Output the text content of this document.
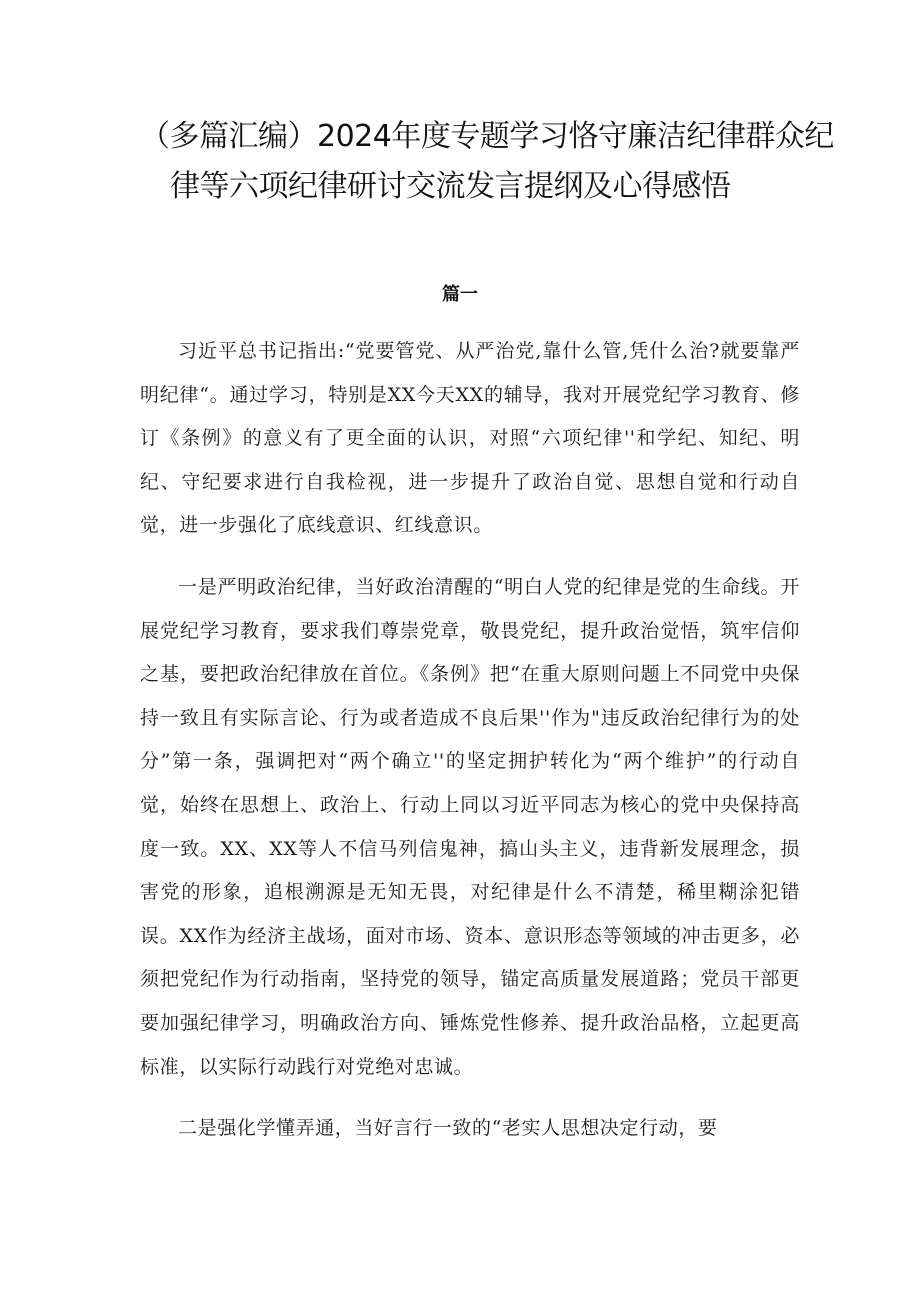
（多篇汇编）2024年度专题学习恪守廉洁纪律群众纪
律等六项纪律研讨交流发言提纲及心得感悟
篇一

习近平总书记指出:“党要管党、从严治党,靠什么管,凭什么治?就要靠严明纪律“。通过学习，特别是XX今天XX的辅导，我对开展党纪学习教育、修订《条例》的意义有了更全面的认识，对照“六项纪律''和学纪、知纪、明纪、守纪要求进行自我检视，进一步提升了政治自觉、思想自觉和行动自觉，进一步强化了底线意识、红线意识。

一是严明政治纪律，当好政治清醒的“明白人党的纪律是党的生命线。开展党纪学习教育，要求我们尊崇党章，敬畏党纪，提升政治觉悟，筑牢信仰之基，要把政治纪律放在首位。《条例》把“在重大原则问题上不同党中央保持一致且有实际言论、行为或者造成不良后果''作为"违反政治纪律行为的处分”第一条，强调把对“两个确立''的坚定拥护转化为“两个维护”的行动自觉，始终在思想上、政治上、行动上同以习近平同志为核心的党中央保持高度一致。XX、XX等人不信马列信鬼神，搞山头主义，违背新发展理念，损害党的形象，追根溯源是无知无畏，对纪律是什么不清楚，稀里糊涂犯错误。XX作为经济主战场，面对市场、资本、意识形态等领域的冲击更多，必须把党纪作为行动指南，坚持党的领导，锚定高质量发展道路；党员干部更要加强纪律学习，明确政治方向、锤炼党性修养、提升政治品格，立起更高标准，以实际行动践行对党绝对忠诚。

二是强化学懂弄通，当好言行一致的“老实人思想决定行动，要
